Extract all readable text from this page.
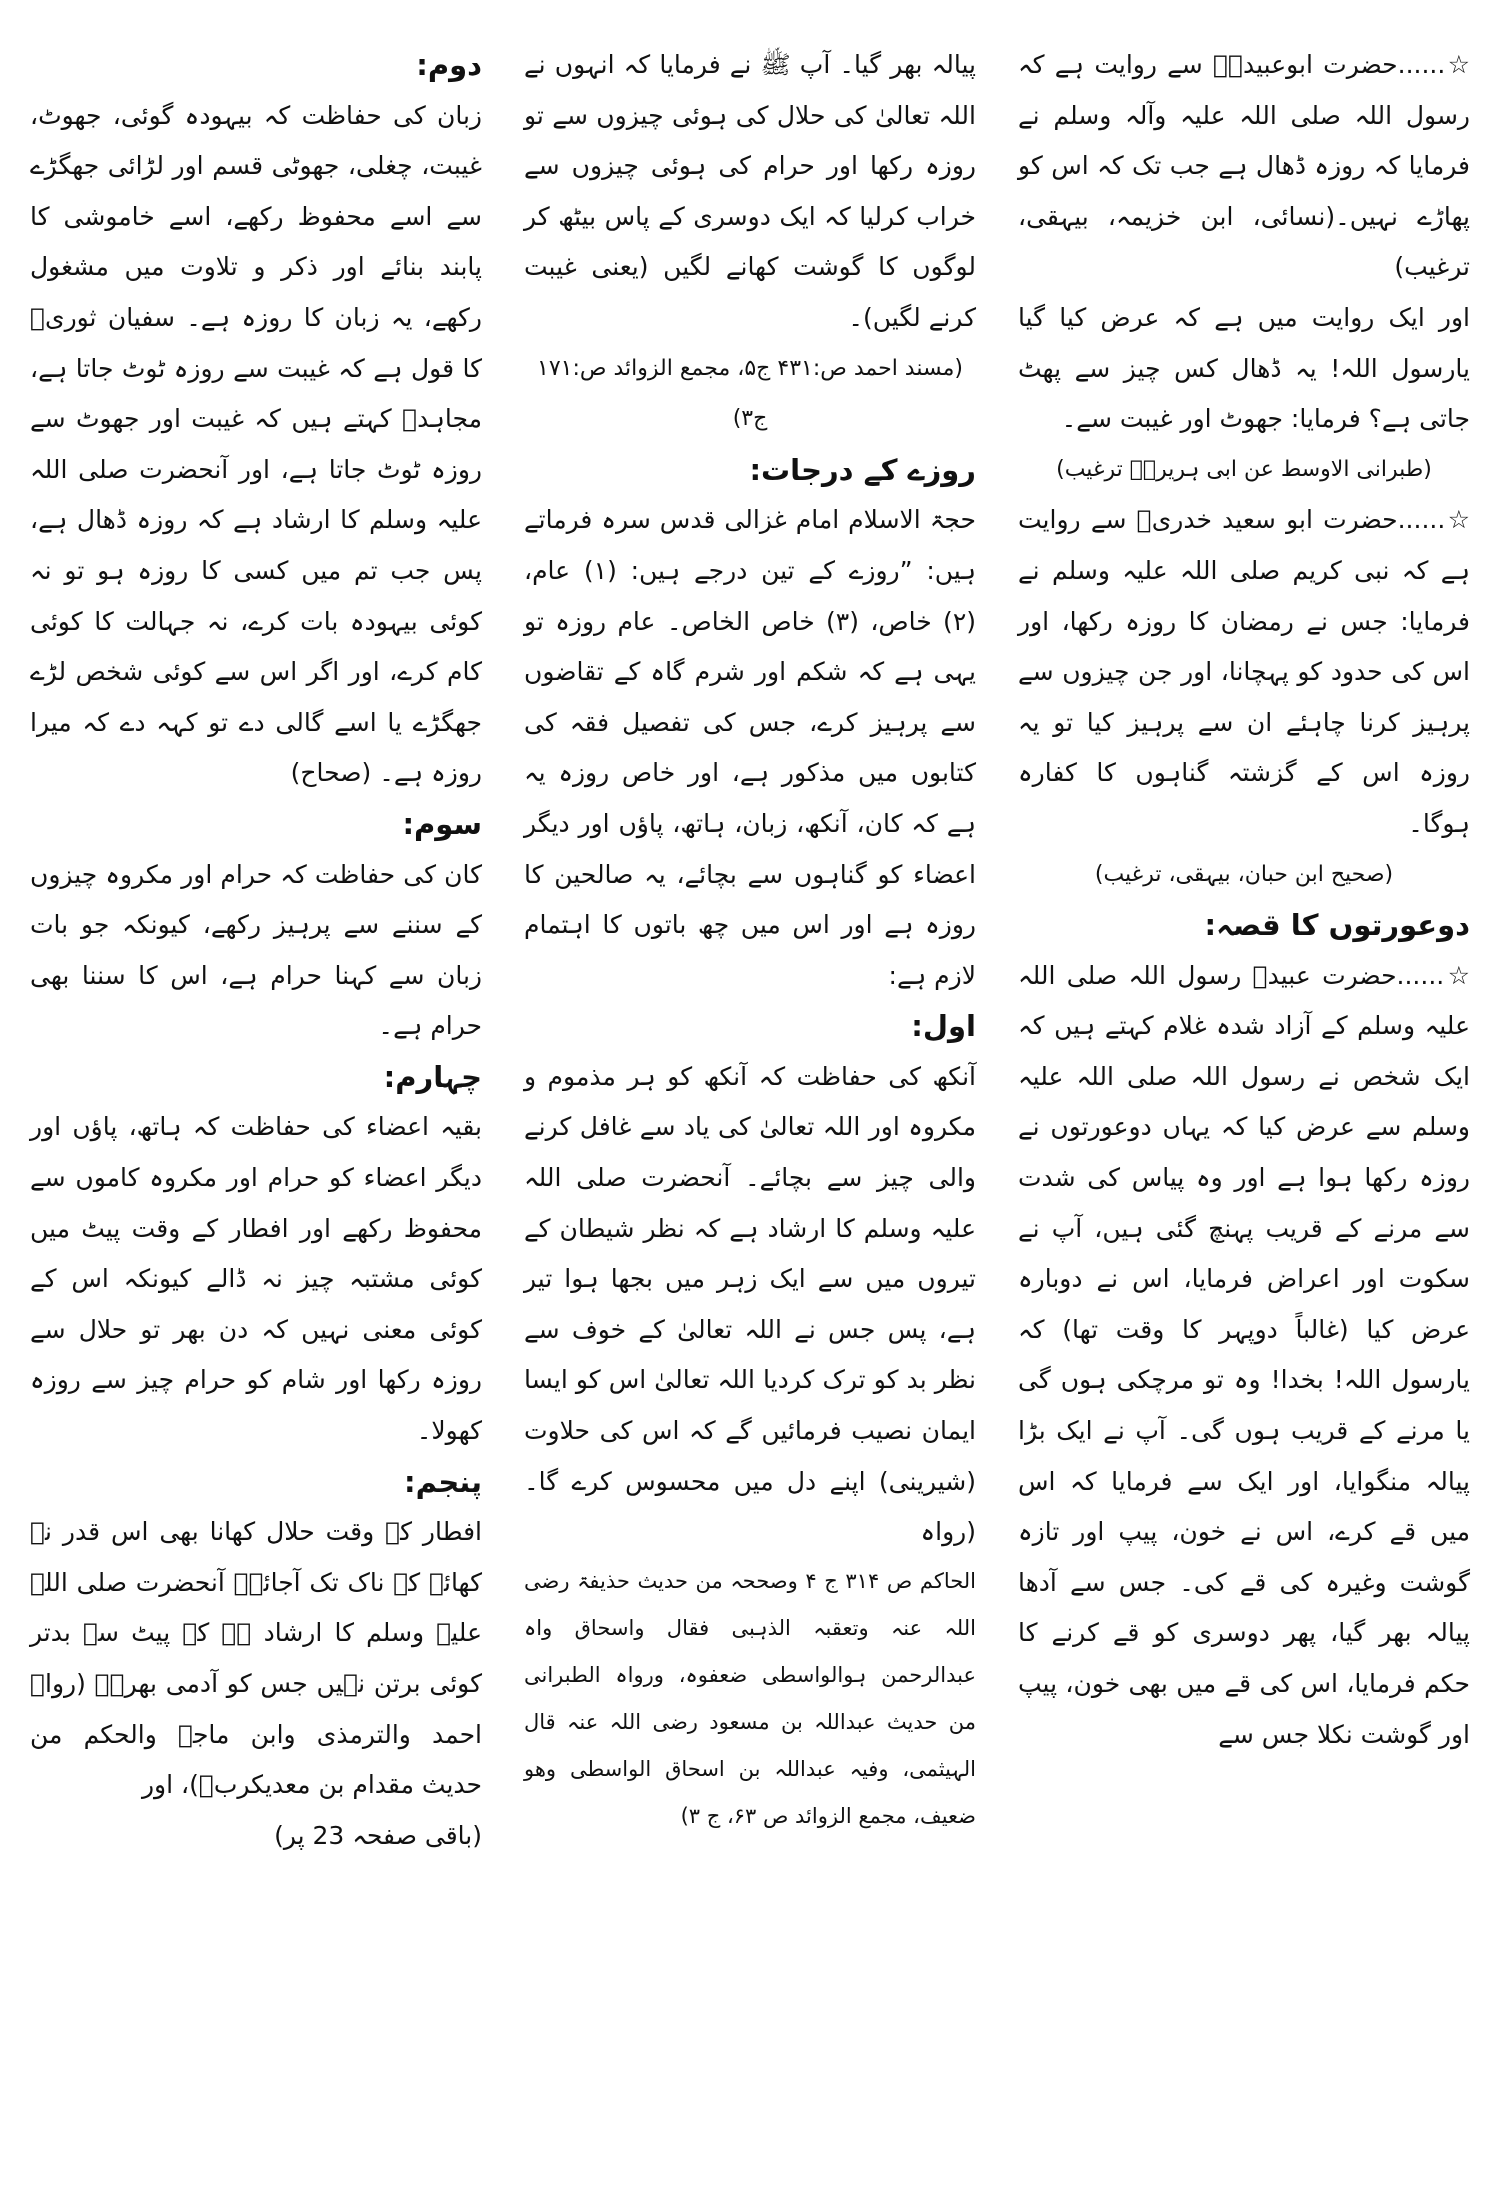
☆......حضرت ابوعبیدہؓ سے روایت ہے کہ رسول اللہ صلی اللہ علیہ وآلہ وسلم نے فرمایا کہ روزہ ڈھال ہے جب تک کہ اس کو پھاڑے نہیں۔(نسائی، ابن خزیمہ، بیہقی، ترغیب)

اور ایک روایت میں ہے کہ عرض کیا گیا یارسول اللہ! یہ ڈھال کس چیز سے پھٹ جاتی ہے؟ فرمایا: جھوٹ اور غیبت سے۔

(طبرانی الاوسط عن ابی ہریرہؓ ترغیب)

☆......حضرت ابو سعید خدریؓ سے روایت ہے کہ نبی کریم صلی اللہ علیہ وسلم نے فرمایا: جس نے رمضان کا روزہ رکھا، اور اس کی حدود کو پہچانا، اور جن چیزوں سے پرہیز کرنا چاہئے ان سے پرہیز کیا تو یہ روزہ اس کے گزشتہ گناہوں کا کفارہ ہوگا۔

(صحیح ابن حبان، بیہقی، ترغیب)

دوعورتوں کا قصہ:

☆......حضرت عبیدؓ رسول اللہ صلی اللہ علیہ وسلم کے آزاد شدہ غلام کہتے ہیں کہ ایک شخص نے رسول اللہ صلی اللہ علیہ وسلم سے عرض کیا کہ یہاں دوعورتوں نے روزہ رکھا ہوا ہے اور وہ پیاس کی شدت سے مرنے کے قریب پہنچ گئی ہیں، آپ نے سکوت اور اعراض فرمایا، اس نے دوبارہ عرض کیا (غالباً دوپہر کا وقت تھا) کہ یارسول اللہ! بخدا! وہ تو مرچکی ہوں گی یا مرنے کے قریب ہوں گی۔ آپ نے ایک بڑا پیالہ منگوایا، اور ایک سے فرمایا کہ اس میں قے کرے، اس نے خون، پیپ اور تازہ گوشت وغیرہ کی قے کی۔ جس سے آدھا پیالہ بھر گیا، پھر دوسری کو قے کرنے کا حکم فرمایا، اس کی قے میں بھی خون، پیپ اور گوشت نکلا جس سے

پیالہ بھر گیا۔ آپ ﷺ نے فرمایا کہ انہوں نے اللہ تعالیٰ کی حلال کی ہوئی چیزوں سے تو روزہ رکھا اور حرام کی ہوئی چیزوں سے خراب کرلیا کہ ایک دوسری کے پاس بیٹھ کر لوگوں کا گوشت کھانے لگیں (یعنی غیبت کرنے لگیں)۔

(مسند احمد ص:۴۳۱ ج۵، مجمع الزوائد ص:۱۷۱ ج۳)

روزے کے درجات:

حجۃ الاسلام امام غزالی قدس سرہ فرماتے ہیں: ”روزے کے تین درجے ہیں: (۱) عام، (۲) خاص، (۳) خاص الخاص۔ عام روزہ تو یہی ہے کہ شکم اور شرم گاہ کے تقاضوں سے پرہیز کرے، جس کی تفصیل فقہ کی کتابوں میں مذکور ہے، اور خاص روزہ یہ ہے کہ کان، آنکھ، زبان، ہاتھ، پاؤں اور دیگر اعضاء کو گناہوں سے بچائے، یہ صالحین کا روزہ ہے اور اس میں چھ باتوں کا اہتمام لازم ہے:

اول:

آنکھ کی حفاظت کہ آنکھ کو ہر مذموم و مکروہ اور اللہ تعالیٰ کی یاد سے غافل کرنے والی چیز سے بچائے۔ آنحضرت صلی اللہ علیہ وسلم کا ارشاد ہے کہ نظر شیطان کے تیروں میں سے ایک زہر میں بجھا ہوا تیر ہے، پس جس نے اللہ تعالیٰ کے خوف سے نظر بد کو ترک کردیا اللہ تعالیٰ اس کو ایسا ایمان نصیب فرمائیں گے کہ اس کی حلاوت (شیرینی) اپنے دل میں محسوس کرے گا۔ (رواہ

الحاکم ص ۳۱۴ ج ۴ وصححہ من حدیث حذیفۃ رضی اللہ عنہ وتعقبہ الذہبی فقال واسحاق واہ عبدالرحمن ہوالواسطی ضعفوہ، ورواہ الطبرانی من حدیث عبداللہ بن مسعود رضی اللہ عنہ قال الہیثمی، وفیہ عبداللہ بن اسحاق الواسطی وھو ضعیف، مجمع الزوائد ص ۶۳، ج ۳)

دوم:

زبان کی حفاظت کہ بیہودہ گوئی، جھوٹ، غیبت، چغلی، جھوٹی قسم اور لڑائی جھگڑے سے اسے محفوظ رکھے، اسے خاموشی کا پابند بنائے اور ذکر و تلاوت میں مشغول رکھے، یہ زبان کا روزہ ہے۔ سفیان ثوریؒ کا قول ہے کہ غیبت سے روزہ ٹوٹ جاتا ہے، مجاہدؒ کہتے ہیں کہ غیبت اور جھوٹ سے روزہ ٹوٹ جاتا ہے، اور آنحضرت صلی اللہ علیہ وسلم کا ارشاد ہے کہ روزہ ڈھال ہے، پس جب تم میں کسی کا روزہ ہو تو نہ کوئی بیہودہ بات کرے، نہ جہالت کا کوئی کام کرے، اور اگر اس سے کوئی شخص لڑے جھگڑے یا اسے گالی دے تو کہہ دے کہ میرا روزہ ہے۔ (صحاح)

سوم:

کان کی حفاظت کہ حرام اور مکروہ چیزوں کے سننے سے پرہیز رکھے، کیونکہ جو بات زبان سے کہنا حرام ہے، اس کا سننا بھی حرام ہے۔

چہارم:

بقیہ اعضاء کی حفاظت کہ ہاتھ، پاؤں اور دیگر اعضاء کو حرام اور مکروہ کاموں سے محفوظ رکھے اور افطار کے وقت پیٹ میں کوئی مشتبہ چیز نہ ڈالے کیونکہ اس کے کوئی معنی نہیں کہ دن بھر تو حلال سے روزہ رکھا اور شام کو حرام چیز سے روزہ کھولا۔

پنجم:

افطار کے وقت حلال کھانا بھی اس قدر نہ کھائے کہ ناک تک آجائے۔ آنحضرت صلی اللہ علیہ وسلم کا ارشاد ہے کہ پیٹ سے بدتر کوئی برتن نہیں جس کو آدمی بھرے۔ (رواہ احمد والترمذی وابن ماجہ والحکم من حدیث مقدام بن معدیکربؓ)، اور

(باقی صفحہ 23 پر)
